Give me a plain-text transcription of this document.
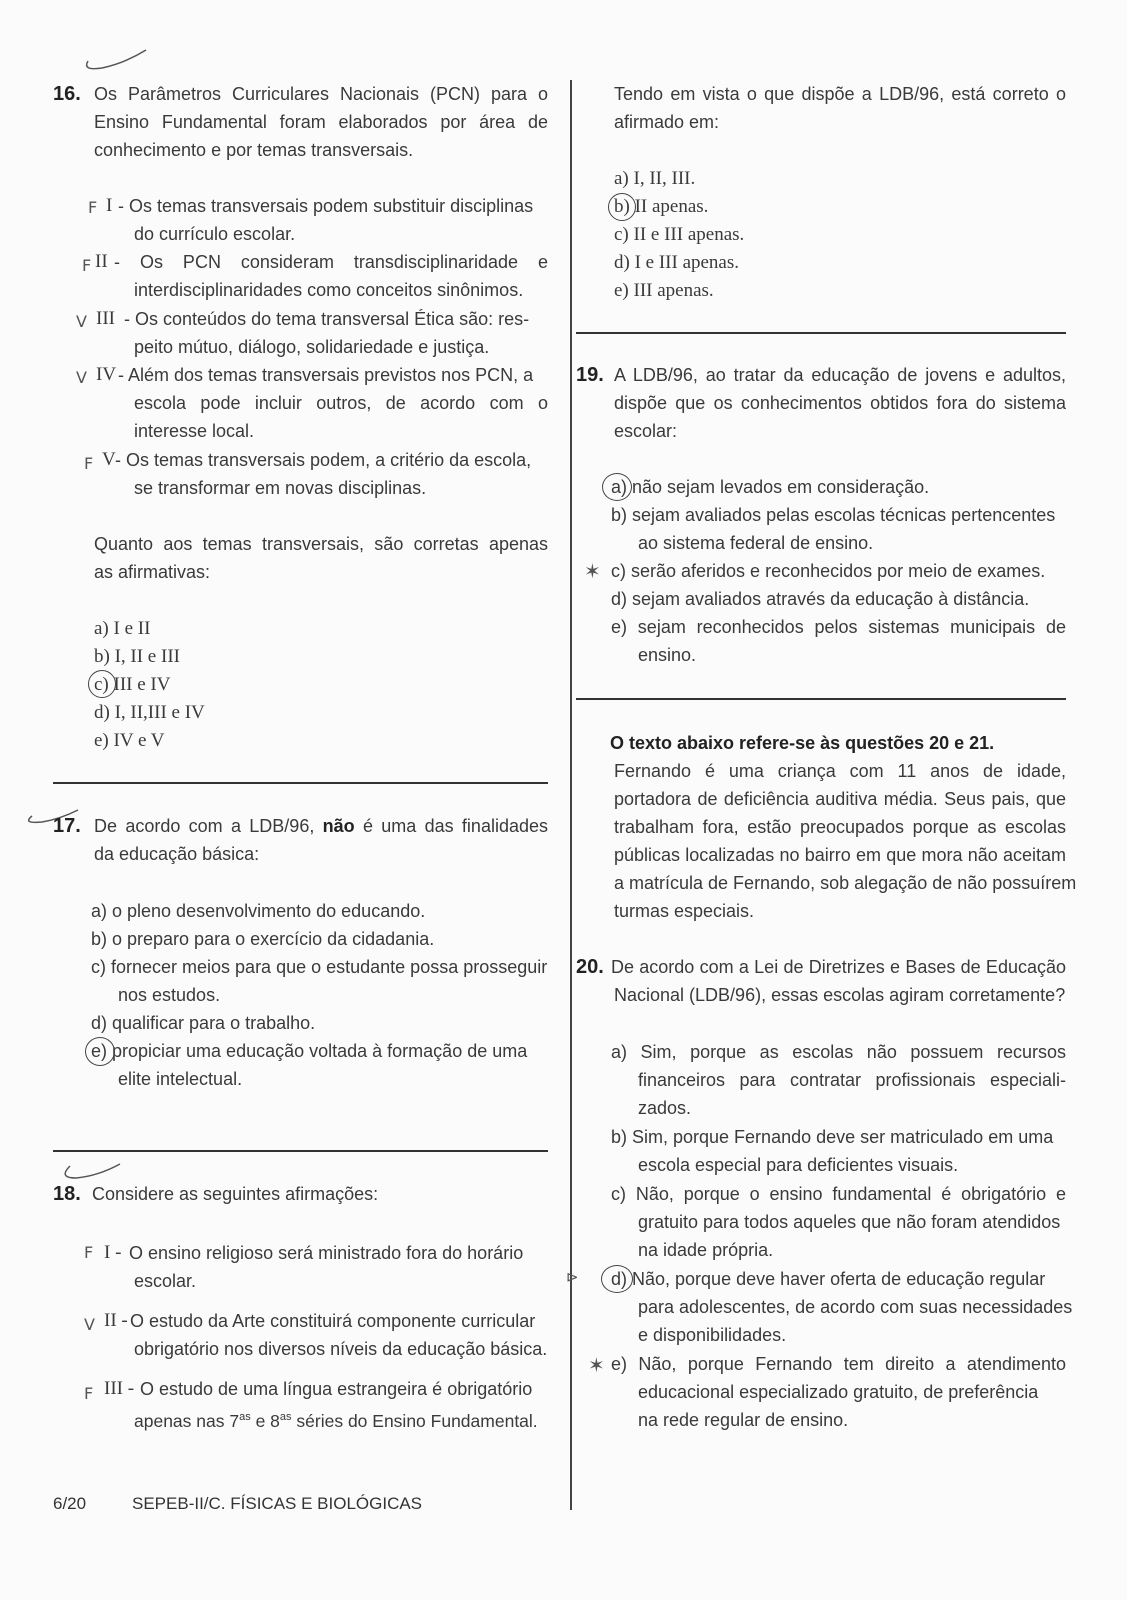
16. Os Parâmetros Curriculares Nacionais (PCN) para o
Ensino Fundamental foram elaborados por área de
conhecimento e por temas transversais.
F I - Os temas transversais podem substituir disciplinas
do currículo escolar.
F II - Os PCN consideram transdisciplinaridade e
interdisciplinaridades como conceitos sinônimos.
V III - Os conteúdos do tema transversal Ética são: res-
peito mútuo, diálogo, solidariedade e justiça.
V IV - Além dos temas transversais previstos nos PCN, a
escola pode incluir outros, de acordo com o
interesse local.
F V - Os temas transversais podem, a critério da escola,
se transformar em novas disciplinas.
Quanto aos temas transversais, são corretas apenas
as afirmativas:
a) I e II
b) I, II e III
c) III e IV
d) I, II,III e IV
e) IV e V
17. De acordo com a LDB/96, não é uma das finalidades
da educação básica:
a) o pleno desenvolvimento do educando.
b) o preparo para o exercício da cidadania.
c) fornecer meios para que o estudante possa prosseguir
nos estudos.
d) qualificar para o trabalho.
e) propiciar uma educação voltada à formação de uma
elite intelectual.
18. Considere as seguintes afirmações:
F I - O ensino religioso será ministrado fora do horário
escolar.
V II - O estudo da Arte constituirá componente curricular
obrigatório nos diversos níveis da educação básica.
F III - O estudo de uma língua estrangeira é obrigatório
apenas nas $7^{as}$ e $8^{as}$ séries do Ensino Fundamental.
Tendo em vista o que dispõe a LDB/96, está correto o
afirmado em:
a) I, II, III.
b) II apenas.
c) II e III apenas.
d) I e III apenas.
e) III apenas.
19. A LDB/96, ao tratar da educação de jovens e adultos,
dispõe que os conhecimentos obtidos fora do sistema
escolar:
a) não sejam levados em consideração.
b) sejam avaliados pelas escolas técnicas pertencentes
ao sistema federal de ensino.
✶ c) serão aferidos e reconhecidos por meio de exames.
d) sejam avaliados através da educação à distância.
e) sejam reconhecidos pelos sistemas municipais de
ensino.
O texto abaixo refere-se às questões 20 e 21.
Fernando é uma criança com 11 anos de idade,
portadora de deficiência auditiva média. Seus pais, que
trabalham fora, estão preocupados porque as escolas
públicas localizadas no bairro em que mora não aceitam
a matrícula de Fernando, sob alegação de não possuírem
turmas especiais.
20. De acordo com a Lei de Diretrizes e Bases de Educação
Nacional (LDB/96), essas escolas agiram corretamente?
a) Sim, porque as escolas não possuem recursos
financeiros para contratar profissionais especiali-
zados.
b) Sim, porque Fernando deve ser matriculado em uma
escola especial para deficientes visuais.
c) Não, porque o ensino fundamental é obrigatório e
gratuito para todos aqueles que não foram atendidos
na idade própria.
⊳ d) Não, porque deve haver oferta de educação regular
para adolescentes, de acordo com suas necessidades
e disponibilidades.
✶ e) Não, porque Fernando tem direito a atendimento
educacional especializado gratuito, de preferência
na rede regular de ensino.
6/20	SEPEB-II/C. FÍSICAS E BIOLÓGICAS
